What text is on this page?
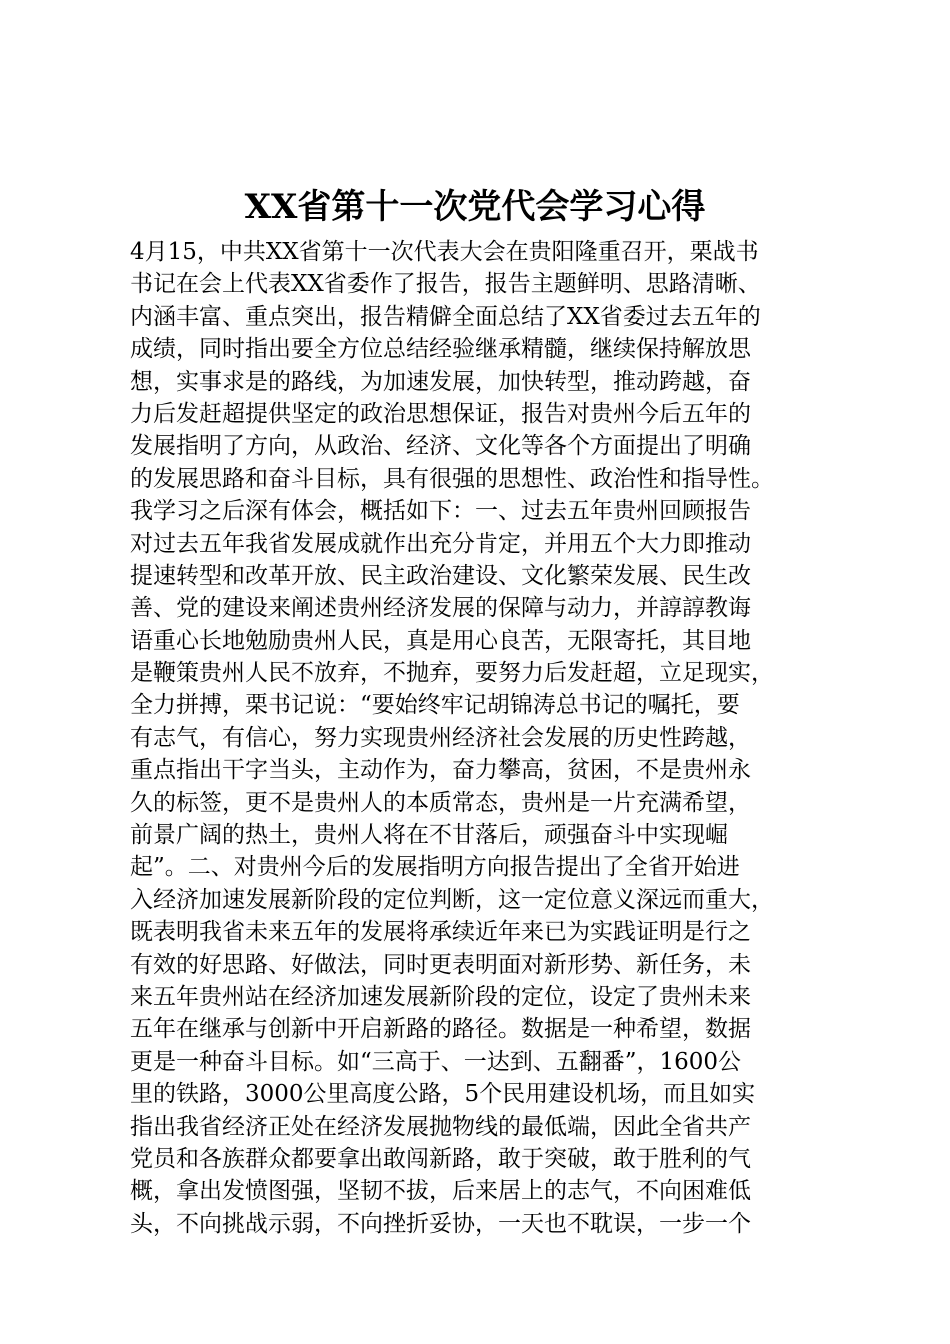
XX省第十一次党代会学习心得
4月15，中共XX省第十一次代表大会在贵阳隆重召开，栗战书
书记在会上代表XX省委作了报告，报告主题鲜明、思路清晰、
内涵丰富、重点突出，报告精僻全面总结了XX省委过去五年的
成绩，同时指出要全方位总结经验继承精髓，继续保持解放思
想，实事求是的路线，为加速发展，加快转型，推动跨越，奋
力后发赶超提供坚定的政治思想保证，报告对贵州今后五年的
发展指明了方向，从政治、经济、文化等各个方面提出了明确
的发展思路和奋斗目标，具有很强的思想性、政治性和指导性。
我学习之后深有体会，概括如下：一、过去五年贵州回顾报告
对过去五年我省发展成就作出充分肯定，并用五个大力即推动
提速转型和改革开放、民主政治建设、文化繁荣发展、民生改
善、党的建设来阐述贵州经济发展的保障与动力，并諄諄教诲
语重心长地勉励贵州人民，真是用心良苦，无限寄托，其目地
是鞭策贵州人民不放弃，不抛弃，要努力后发赶超，立足现实，
全力拼搏，栗书记说：“要始终牢记胡锦涛总书记的嘱托，要
有志气，有信心，努力实现贵州经济社会发展的历史性跨越，
重点指出干字当头，主动作为，奋力攀高，贫困，不是贵州永
久的标签，更不是贵州人的本质常态，贵州是一片充满希望，
前景广阔的热土，贵州人将在不甘落后，顽强奋斗中实现崛
起”。二、对贵州今后的发展指明方向报告提出了全省开始进
入经济加速发展新阶段的定位判断，这一定位意义深远而重大，
既表明我省未来五年的发展将承续近年来已为实践证明是行之
有效的好思路、好做法，同时更表明面对新形势、新任务，未
来五年贵州站在经济加速发展新阶段的定位，设定了贵州未来
五年在继承与创新中开启新路的路径。数据是一种希望，数据
更是一种奋斗目标。如“三高于、一达到、五翻番”，1600公
里的铁路，3000公里高度公路，5个民用建设机场，而且如实
指出我省经济正处在经济发展抛物线的最低端，因此全省共产
党员和各族群众都要拿出敢闯新路，敢于突破，敢于胜利的气
概，拿出发愤图强，坚韧不拔，后来居上的志气，不向困难低
头，不向挑战示弱，不向挫折妥协，一天也不耽误，一步一个
